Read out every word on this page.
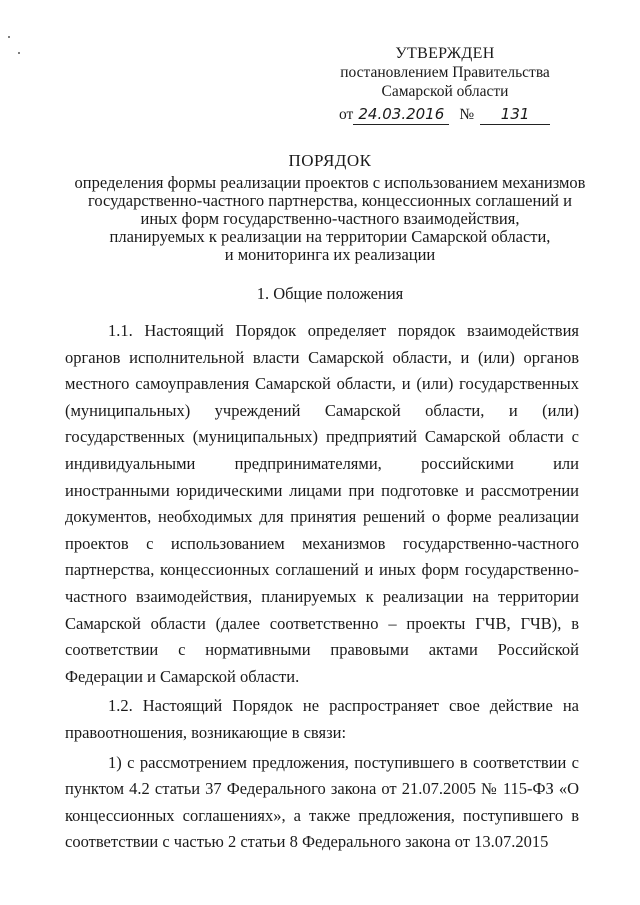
УТВЕРЖДЕН
постановлением Правительства
Самарской области
от 24.03.2016 № 131
ПОРЯДОК
определения формы реализации проектов с использованием механизмов
государственно-частного партнерства, концессионных соглашений и
иных форм государственно-частного взаимодействия,
планируемых к реализации на территории Самарской области,
и мониторинга их реализации
1. Общие положения

1.1. Настоящий Порядок определяет порядок взаимодействия органов исполнительной власти Самарской области, и (или) органов местного самоуправления Самарской области, и (или) государственных (муниципальных) учреждений Самарской области, и (или) государственных (муниципальных) предприятий Самарской области с индивидуальными предпринимателями, российскими или иностранными юридическими лицами при подготовке и рассмотрении документов, необходимых для принятия решений о форме реализации проектов с использованием механизмов государственно-частного партнерства, концессионных соглашений и иных форм государственно-частного взаимодействия, планируемых к реализации на территории Самарской области (далее соответственно – проекты ГЧВ, ГЧВ), в соответствии с нормативными правовыми актами Российской Федерации и Самарской области.

1.2. Настоящий Порядок не распространяет свое действие на правоотношения, возникающие в связи:

1) с рассмотрением предложения, поступившего в соответствии с пунктом 4.2 статьи 37 Федерального закона от 21.07.2005 № 115-ФЗ «О концессионных соглашениях», а также предложения, поступившего в соответствии с частью 2 статьи 8 Федерального закона от 13.07.2015
